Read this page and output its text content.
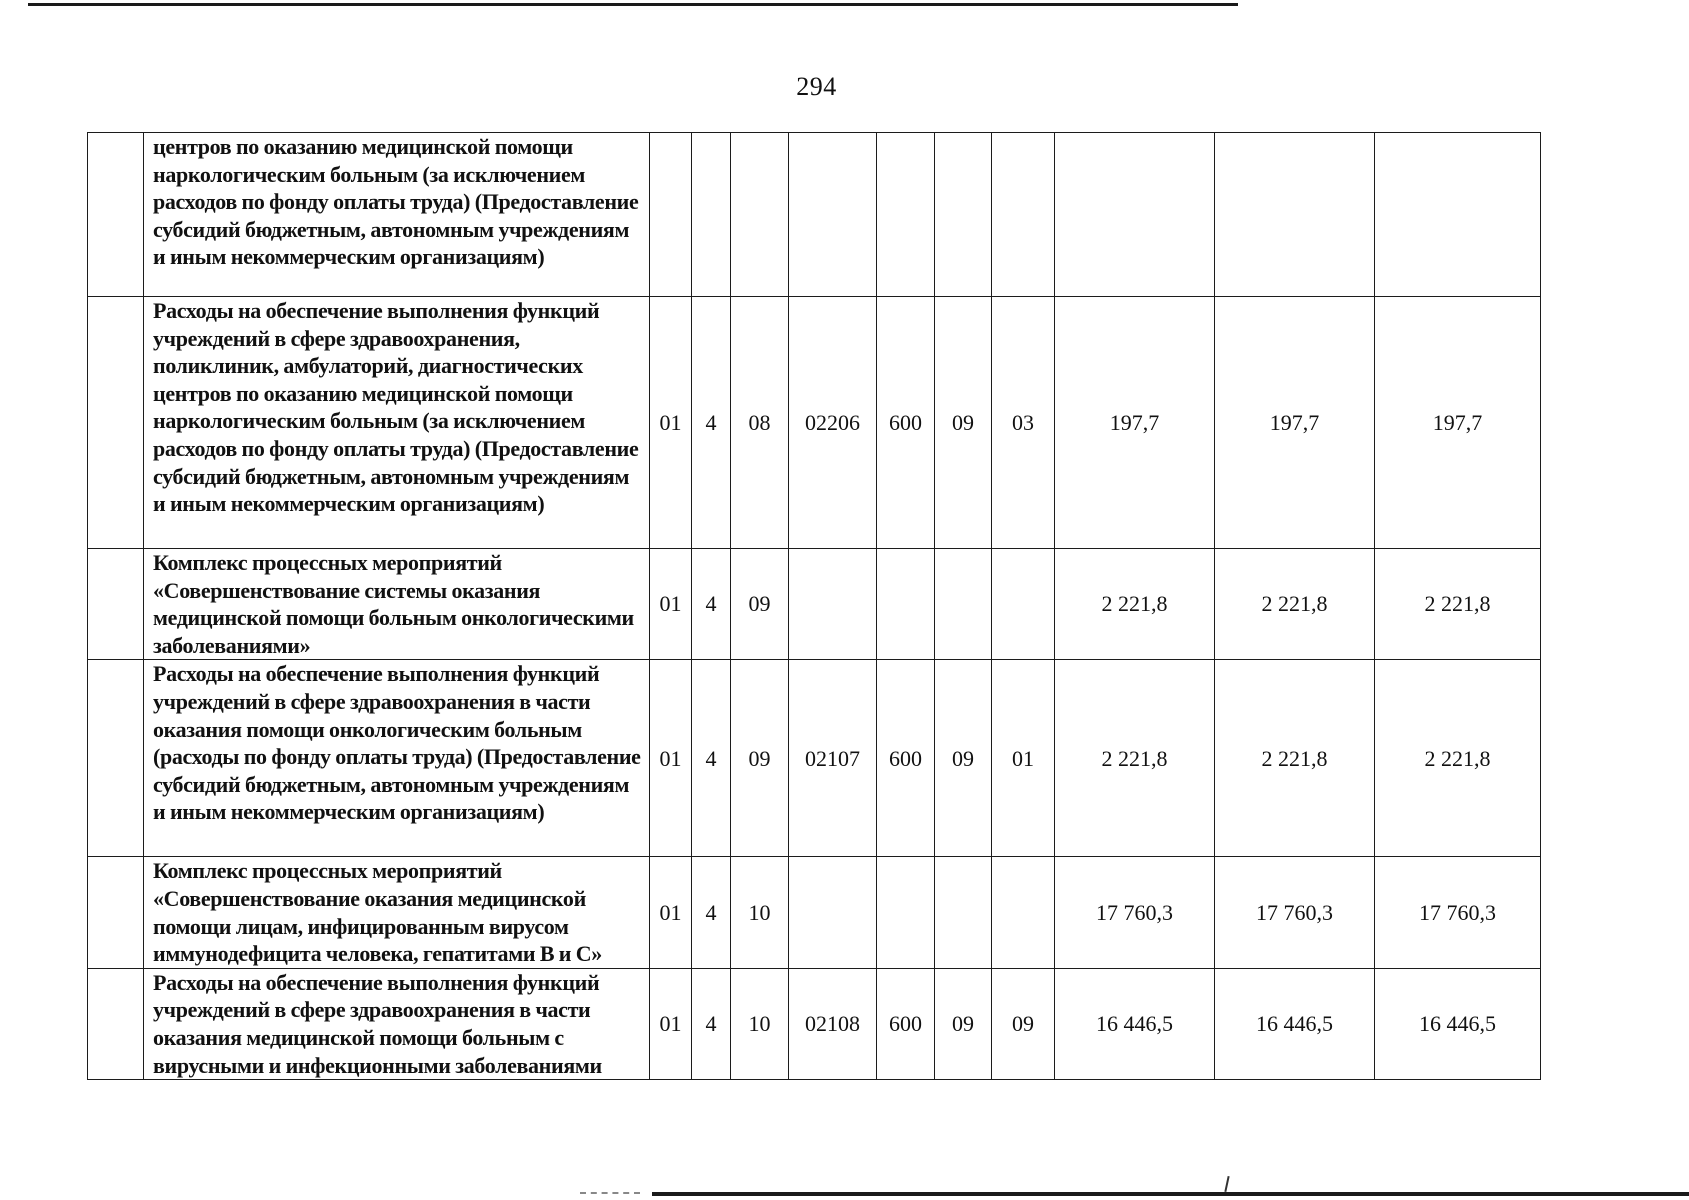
294
	центров по оказанию медицинской помощи наркологическим больным (за исключением расходов по фонду оплаты труда) (Предоставление субсидий бюджетным, автономным учреждениям и иным некоммерческим организациям)										
	Расходы на обеспечение выполнения функций учреждений в сфере здравоохранения, поликлиник, амбулаторий, диагностических центров по оказанию медицинской помощи наркологическим больным (за исключением расходов по фонду оплаты труда) (Предоставление субсидий бюджетным, автономным учреждениям и иным некоммерческим организациям)	01	4	08	02206	600	09	03	197,7	197,7	197,7
	Комплекс процессных мероприятий «Совершенствование системы оказания медицинской помощи больным онкологическими заболеваниями»	01	4	09					2 221,8	2 221,8	2 221,8
	Расходы на обеспечение выполнения функций учреждений в сфере здравоохранения в части оказания помощи онкологическим больным (расходы по фонду оплаты труда) (Предоставление субсидий бюджетным, автономным учреждениям и иным некоммерческим организациям)	01	4	09	02107	600	09	01	2 221,8	2 221,8	2 221,8
	Комплекс процессных мероприятий «Совершенствование оказания медицинской помощи лицам, инфицированным вирусом иммунодефицита человека, гепатитами В и С»	01	4	10					17 760,3	17 760,3	17 760,3
	Расходы на обеспечение выполнения функций учреждений в сфере здравоохранения в части оказания медицинской помощи больным с вирусными и инфекционными заболеваниями	01	4	10	02108	600	09	09	16 446,5	16 446,5	16 446,5
